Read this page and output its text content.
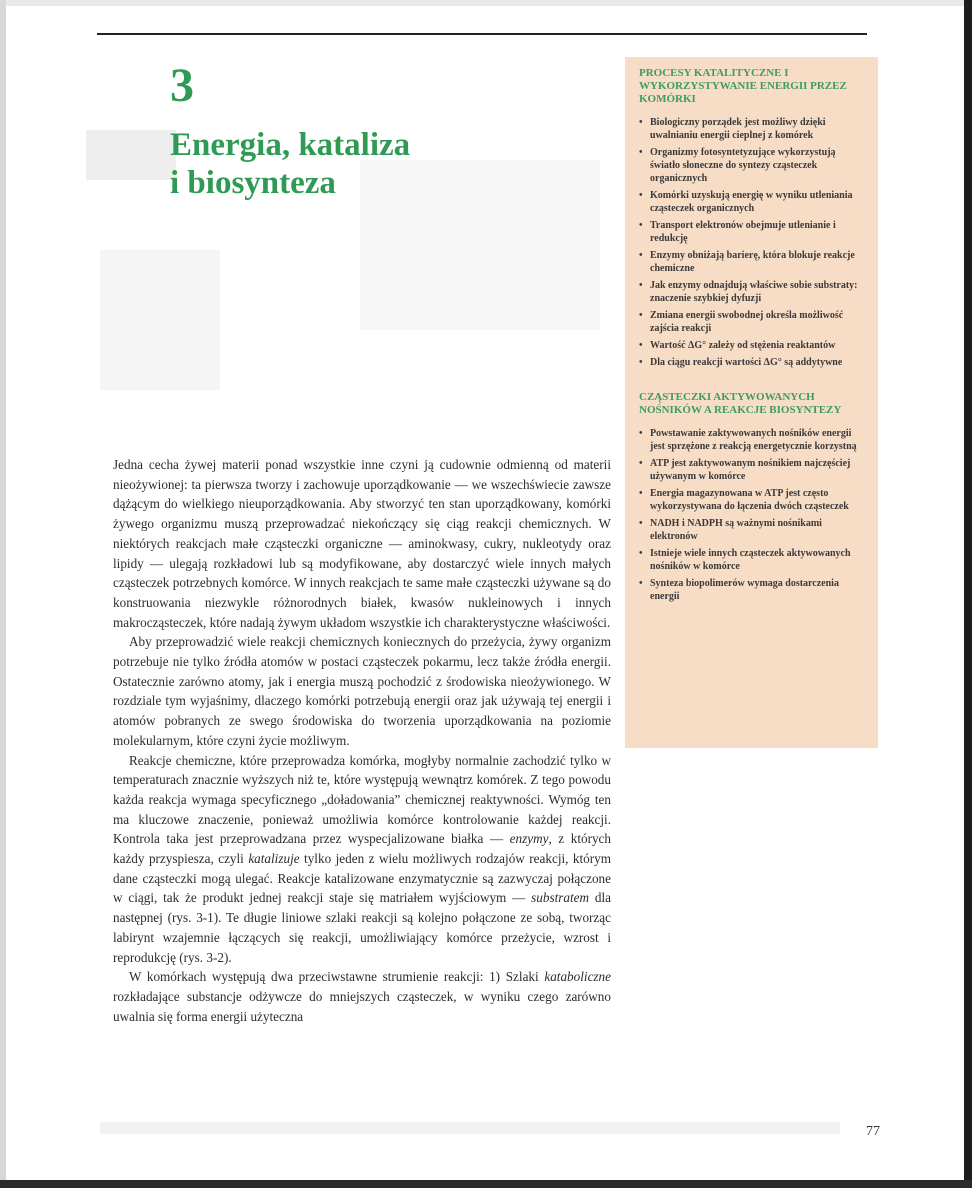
3
Energia, kataliza
i biosynteza
PROCESY KATALITYCZNE I WYKORZYSTYWANIE ENERGII PRZEZ KOMÓRKI
• Biologiczny porządek jest możliwy dzięki uwalnianiu energii cieplnej z komórek
• Organizmy fotosyntetyzujące wykorzystują światło słoneczne do syntezy cząsteczek organicznych
• Komórki uzyskują energię w wyniku utleniania cząsteczek organicznych
• Transport elektronów obejmuje utlenianie i redukcję
• Enzymy obniżają barierę, która blokuje reakcje chemiczne
• Jak enzymy odnajdują właściwe sobie substraty: znaczenie szybkiej dyfuzji
• Zmiana energii swobodnej określa możliwość zajścia reakcji
• Wartość ΔG° zależy od stężenia reaktantów
• Dla ciągu reakcji wartości ΔG° są addytywne
CZĄSTECZKI AKTYWOWANYCH NOŚNIKÓW A REAKCJE BIOSYNTEZY
• Powstawanie zaktywowanych nośników energii jest sprzężone z reakcją energetycznie korzystną
• ATP jest zaktywowanym nośnikiem najczęściej używanym w komórce
• Energia magazynowana w ATP jest często wykorzystywana do łączenia dwóch cząsteczek
• NADH i NADPH są ważnymi nośnikami elektronów
• Istnieje wiele innych cząsteczek aktywowanych nośników w komórce
• Synteza biopolimerów wymaga dostarczenia energii

Jedna cecha żywej materii ponad wszystkie inne czyni ją cudownie odmienną od materii nieożywionej: ta pierwsza tworzy i zachowuje uporządkowanie — we wszechświecie zawsze dążącym do wielkiego nieuporządkowania. Aby stworzyć ten stan uporządkowany, komórki żywego organizmu muszą przeprowadzać niekończący się ciąg reakcji chemicznych. W niektórych reakcjach małe cząsteczki organiczne — aminokwasy, cukry, nukleotydy oraz lipidy — ulegają rozkładowi lub są modyfikowane, aby dostarczyć wiele innych małych cząsteczek potrzebnych komórce. W innych reakcjach te same małe cząsteczki używane są do konstruowania niezwykle różnorodnych białek, kwasów nukleinowych i innych makrocząsteczek, które nadają żywym układom wszystkie ich charakterystyczne właściwości.

Aby przeprowadzić wiele reakcji chemicznych koniecznych do przeżycia, żywy organizm potrzebuje nie tylko źródła atomów w postaci cząsteczek pokarmu, lecz także źródła energii. Ostatecznie zarówno atomy, jak i energia muszą pochodzić z środowiska nieożywionego. W rozdziale tym wyjaśnimy, dlaczego komórki potrzebują energii oraz jak używają tej energii i atomów pobranych ze swego środowiska do tworzenia uporządkowania na poziomie molekularnym, które czyni życie możliwym.

Reakcje chemiczne, które przeprowadza komórka, mogłyby normalnie zachodzić tylko w temperaturach znacznie wyższych niż te, które występują wewnątrz komórek. Z tego powodu każda reakcja wymaga specyficznego „doładowania” chemicznej reaktywności. Wymóg ten ma kluczowe znaczenie, ponieważ umożliwia komórce kontrolowanie każdej reakcji. Kontrola taka jest przeprowadzana przez wyspecjalizowane białka — enzymy, z których każdy przyspiesza, czyli katalizuje tylko jeden z wielu możliwych rodzajów reakcji, którym dane cząsteczki mogą ulegać. Reakcje katalizowane enzymatycznie są zazwyczaj połączone w ciągi, tak że produkt jednej reakcji staje się matriałem wyjściowym — substratem dla następnej (rys. 3-1). Te długie liniowe szlaki reakcji są kolejno połączone ze sobą, tworząc labirynt wzajemnie łączących się reakcji, umożliwiający komórce przeżycie, wzrost i reprodukcję (rys. 3-2).

W komórkach występują dwa przeciwstawne strumienie reakcji: 1) Szlaki kataboliczne rozkładające substancje odżywcze do mniejszych cząsteczek, w wyniku czego zarówno uwalnia się forma energii użyteczna

77
